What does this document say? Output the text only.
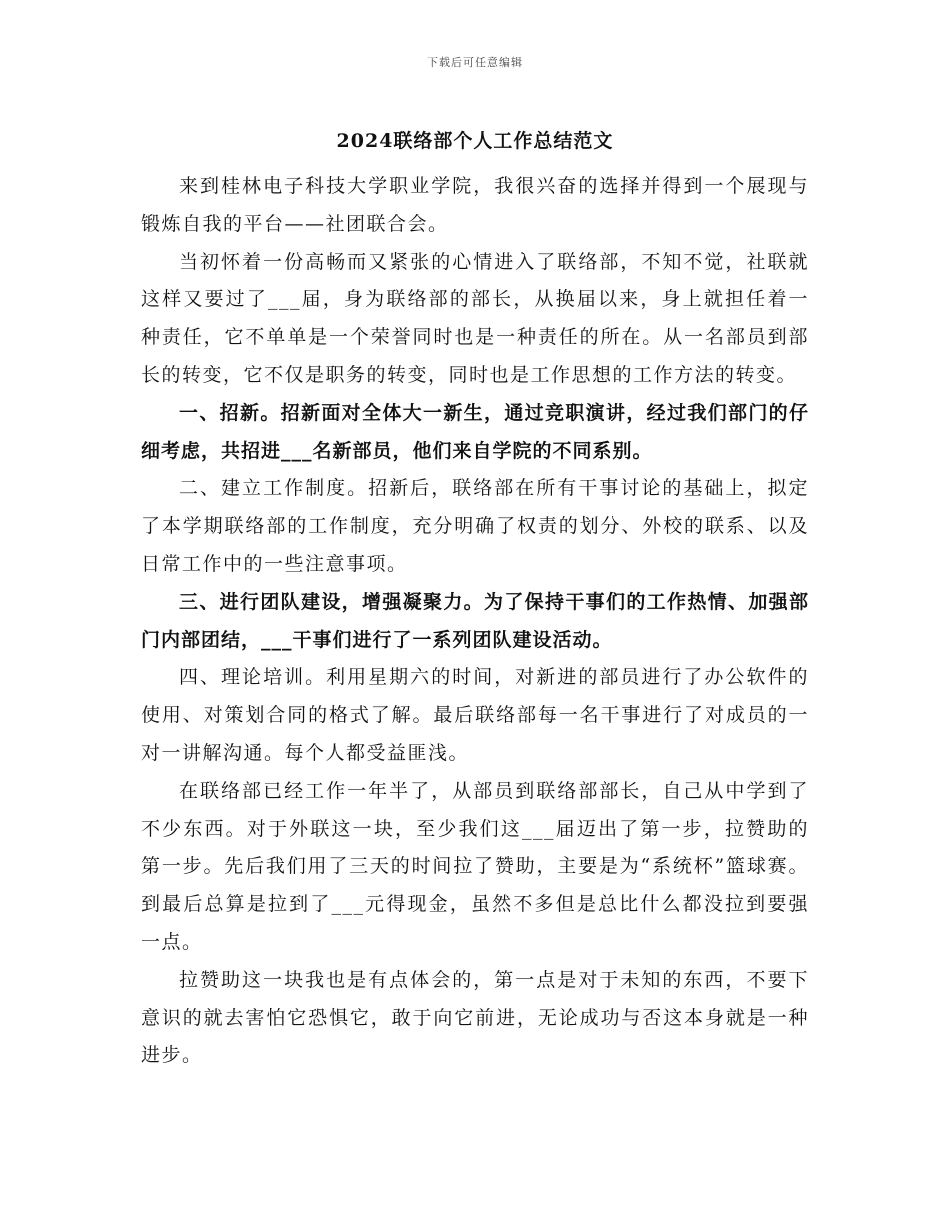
下载后可任意编辑
2024联络部个人工作总结范文

来到桂林电子科技大学职业学院，我很兴奋的选择并得到一个展现与锻炼自我的平台——社团联合会。

当初怀着一份高畅而又紧张的心情进入了联络部，不知不觉，社联就这样又要过了___届，身为联络部的部长，从换届以来，身上就担任着一种责任，它不单单是一个荣誉同时也是一种责任的所在。从一名部员到部长的转变，它不仅是职务的转变，同时也是工作思想的工作方法的转变。

一、招新。招新面对全体大一新生，通过竞职演讲，经过我们部门的仔细考虑，共招进___名新部员，他们来自学院的不同系别。

二、建立工作制度。招新后，联络部在所有干事讨论的基础上，拟定了本学期联络部的工作制度，充分明确了权责的划分、外校的联系、以及日常工作中的一些注意事项。

三、进行团队建设，增强凝聚力。为了保持干事们的工作热情、加强部门内部团结，___干事们进行了一系列团队建设活动。

四、理论培训。利用星期六的时间，对新进的部员进行了办公软件的使用、对策划合同的格式了解。最后联络部每一名干事进行了对成员的一对一讲解沟通。每个人都受益匪浅。

在联络部已经工作一年半了，从部员到联络部部长，自己从中学到了不少东西。对于外联这一块，至少我们这___届迈出了第一步，拉赞助的第一步。先后我们用了三天的时间拉了赞助，主要是为“系统杯”篮球赛。到最后总算是拉到了___元得现金，虽然不多但是总比什么都没拉到要强一点。

拉赞助这一块我也是有点体会的，第一点是对于未知的东西，不要下意识的就去害怕它恐惧它，敢于向它前进，无论成功与否这本身就是一种进步。
